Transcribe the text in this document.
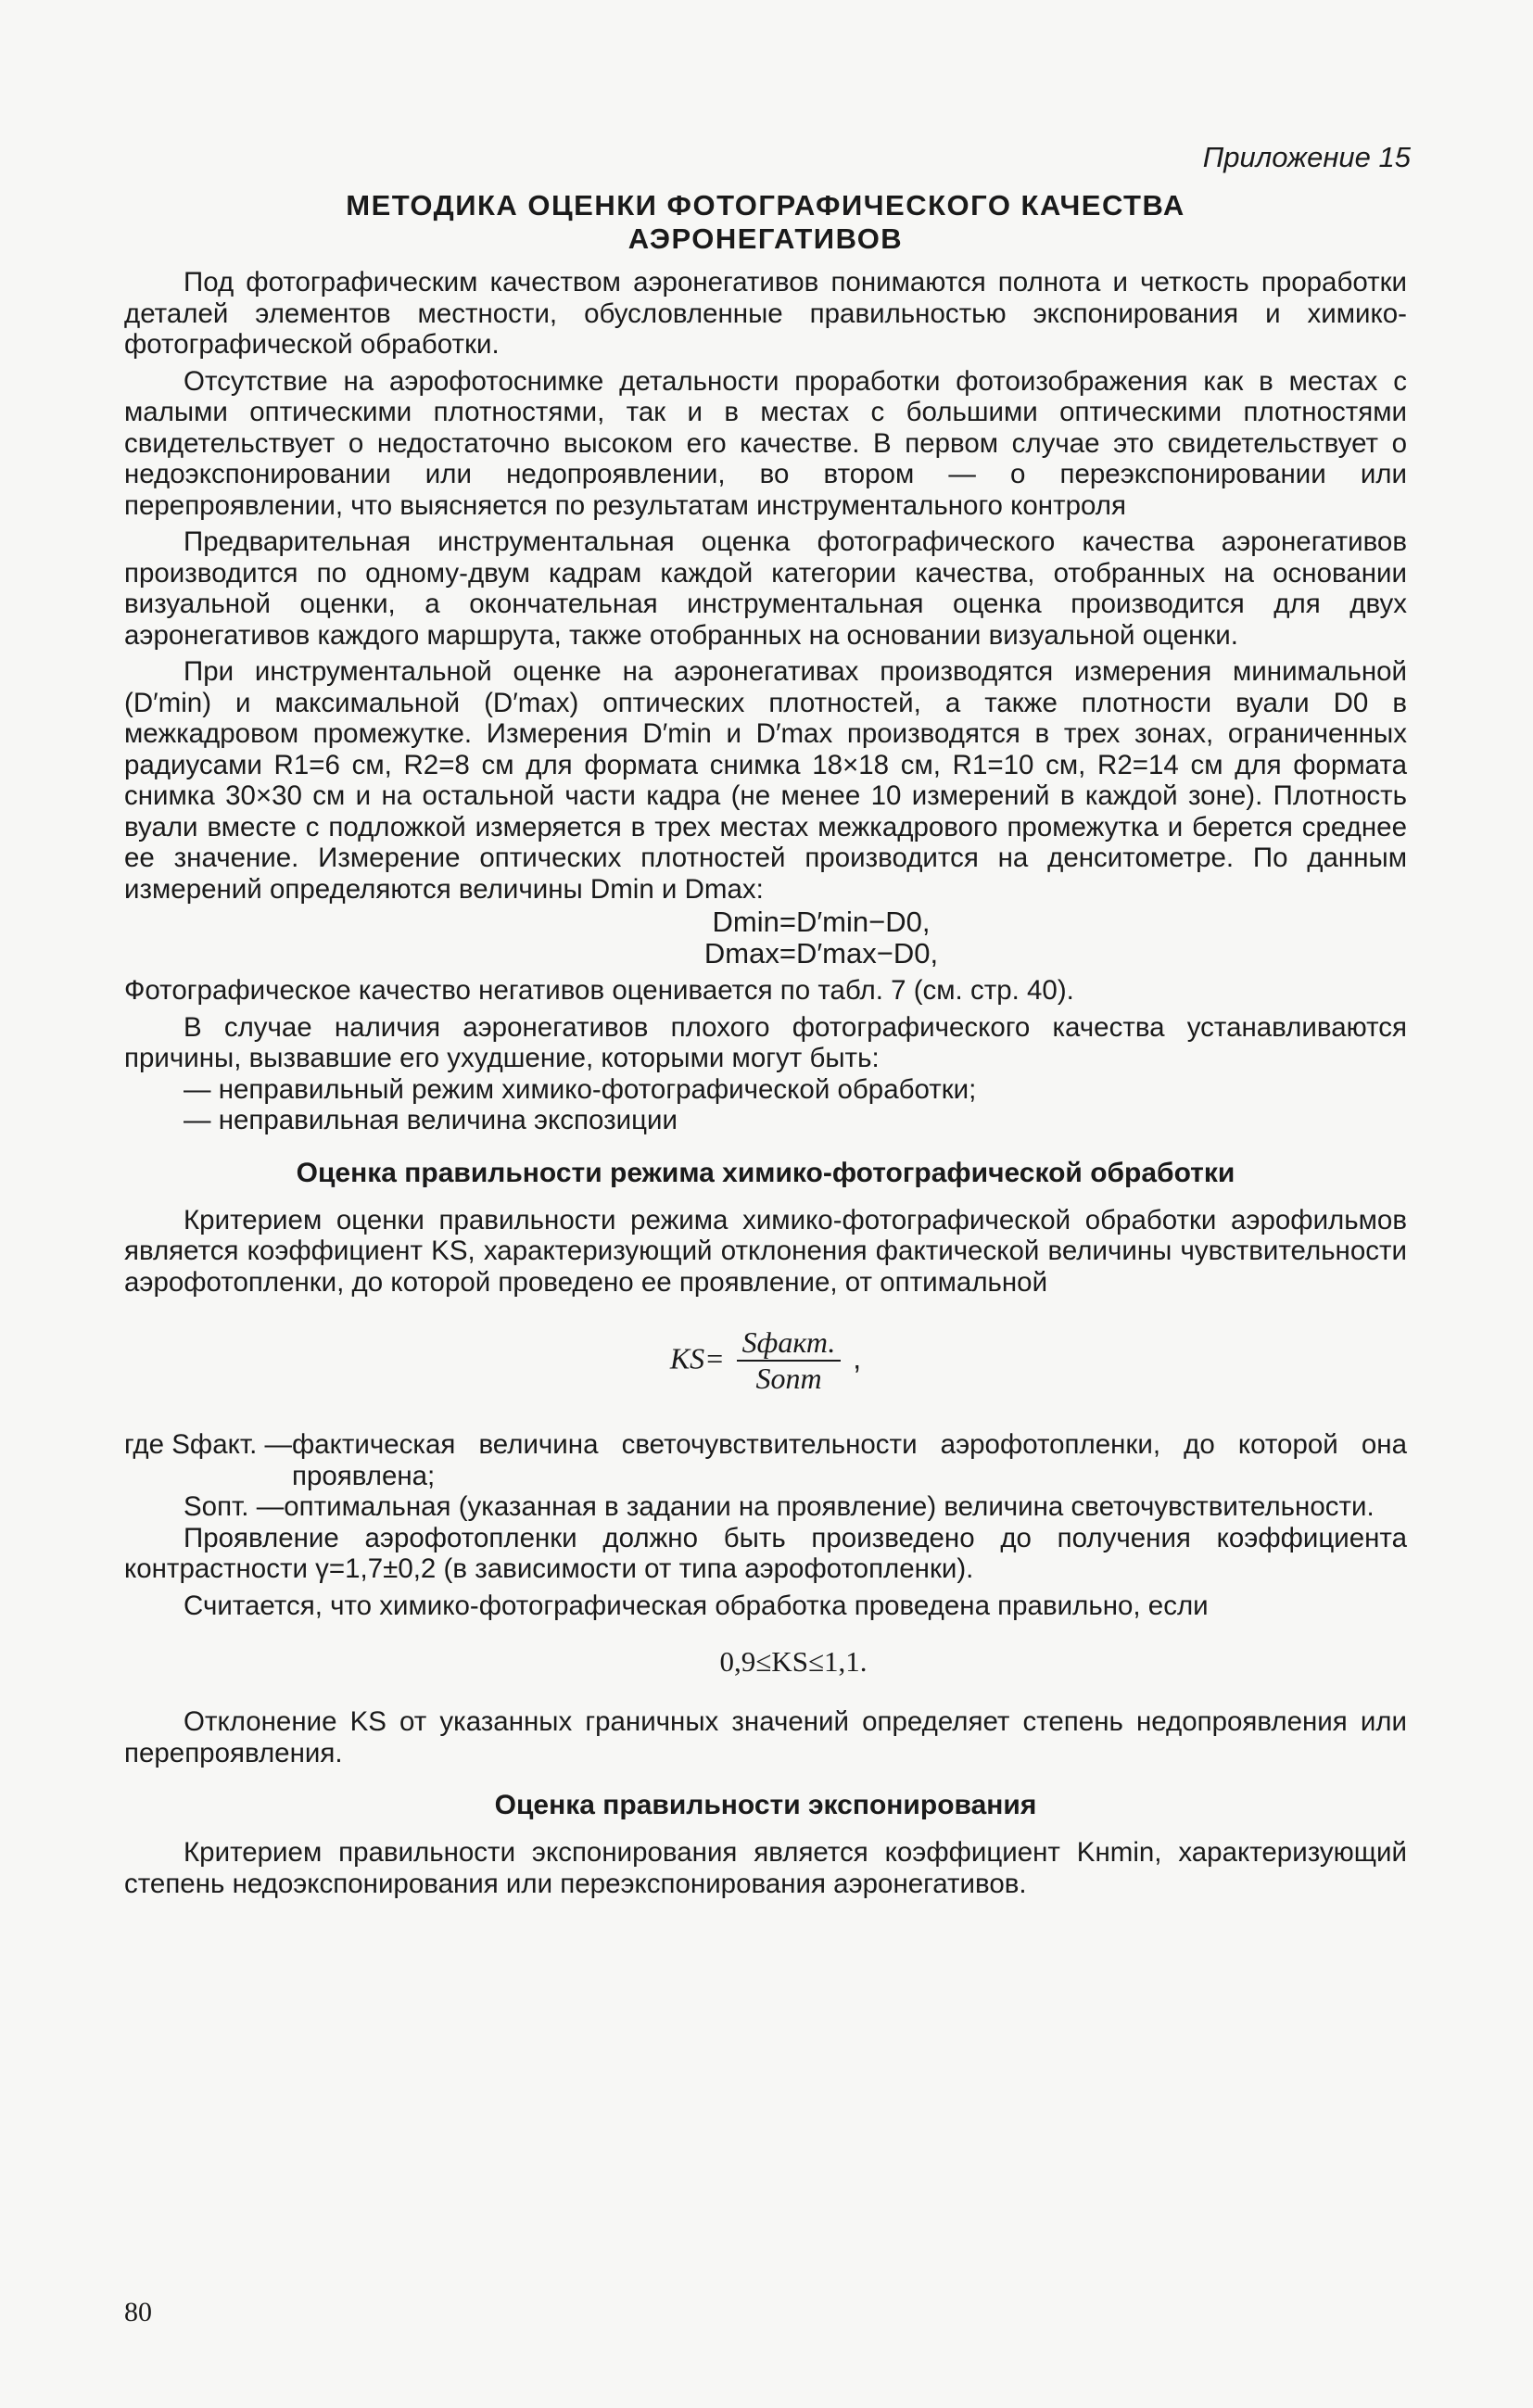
Приложение 15
МЕТОДИКА ОЦЕНКИ ФОТОГРАФИЧЕСКОГО КАЧЕСТВА
АЭРОНЕГАТИВОВ

Под фотографическим качеством аэронегативов понимаются полнота и четкость проработки деталей элементов местности, обусловленные правильностью экспонирования и химико-фотографической обработки.

Отсутствие на аэрофотоснимке детальности проработки фотоизображения как в местах с малыми оптическими плотностями, так и в местах с большими оптическими плотностями свидетельствует о недостаточно высоком его качестве. В первом случае это свидетельствует о недоэкспонировании или недопроявлении, во втором — о переэкспонировании или перепроявлении, что выясняется по результатам инструментального контроля

Предварительная инструментальная оценка фотографического качества аэронегативов производится по одному-двум кадрам каждой категории качества, отобранных на основании визуальной оценки, а окончательная инструментальная оценка производится для двух аэронегативов каждого маршрута, также отобранных на основании визуальной оценки.

При инструментальной оценке на аэронегативах производятся измерения минимальной (D′min) и максимальной (D′max) оптических плотностей, а также плотности вуали D0 в межкадровом промежутке. Измерения D′min и D′max производятся в трех зонах, ограниченных радиусами R1=6 см, R2=8 см для формата снимка 18×18 см, R1=10 см, R2=14 см для формата снимка 30×30 см и на остальной части кадра (не менее 10 измерений в каждой зоне). Плотность вуали вместе с подложкой измеряется в трех местах межкадрового промежутка и берется среднее ее значение. Измерение оптических плотностей производится на денситометре. По данным измерений определяются величины Dmin и Dmax:

Dmin=D′min−D0,
Dmax=D′max−D0,

Фотографическое качество негативов оценивается по табл. 7 (см. стр. 40).

В случае наличия аэронегативов плохого фотографического качества устанавливаются причины, вызвавшие его ухудшение, которыми могут быть:

— неправильный режим химико-фотографической обработки;

— неправильная величина экспозиции

Оценка правильности режима химико-фотографической обработки

Критерием оценки правильности режима химико-фотографической обработки аэрофильмов является коэффициент KS, характеризующий отклонения фактической величины чувствительности аэрофотопленки, до которой проведено ее проявление, от оптимальной

$KS= \frac{\text{Sфакт.}}{\text{Sопт}}$ ,
где Sфакт. — фактическая величина светочувствительности аэрофотопленки, до которой она проявлена;
Sопт. — оптимальная (указанная в задании на проявление) величина светочувствительности.

Проявление аэрофотопленки должно быть произведено до получения коэффициента контрастности γ=1,7±0,2 (в зависимости от типа аэрофотопленки).

Считается, что химико-фотографическая обработка проведена правильно, если

0,9≤KS≤1,1.

Отклонение KS от указанных граничных значений определяет степень недопроявления или перепроявления.

Оценка правильности экспонирования

Критерием правильности экспонирования является коэффициент Kнmin, характеризующий степень недоэкспонирования или переэкспонирования аэронегативов.

80
